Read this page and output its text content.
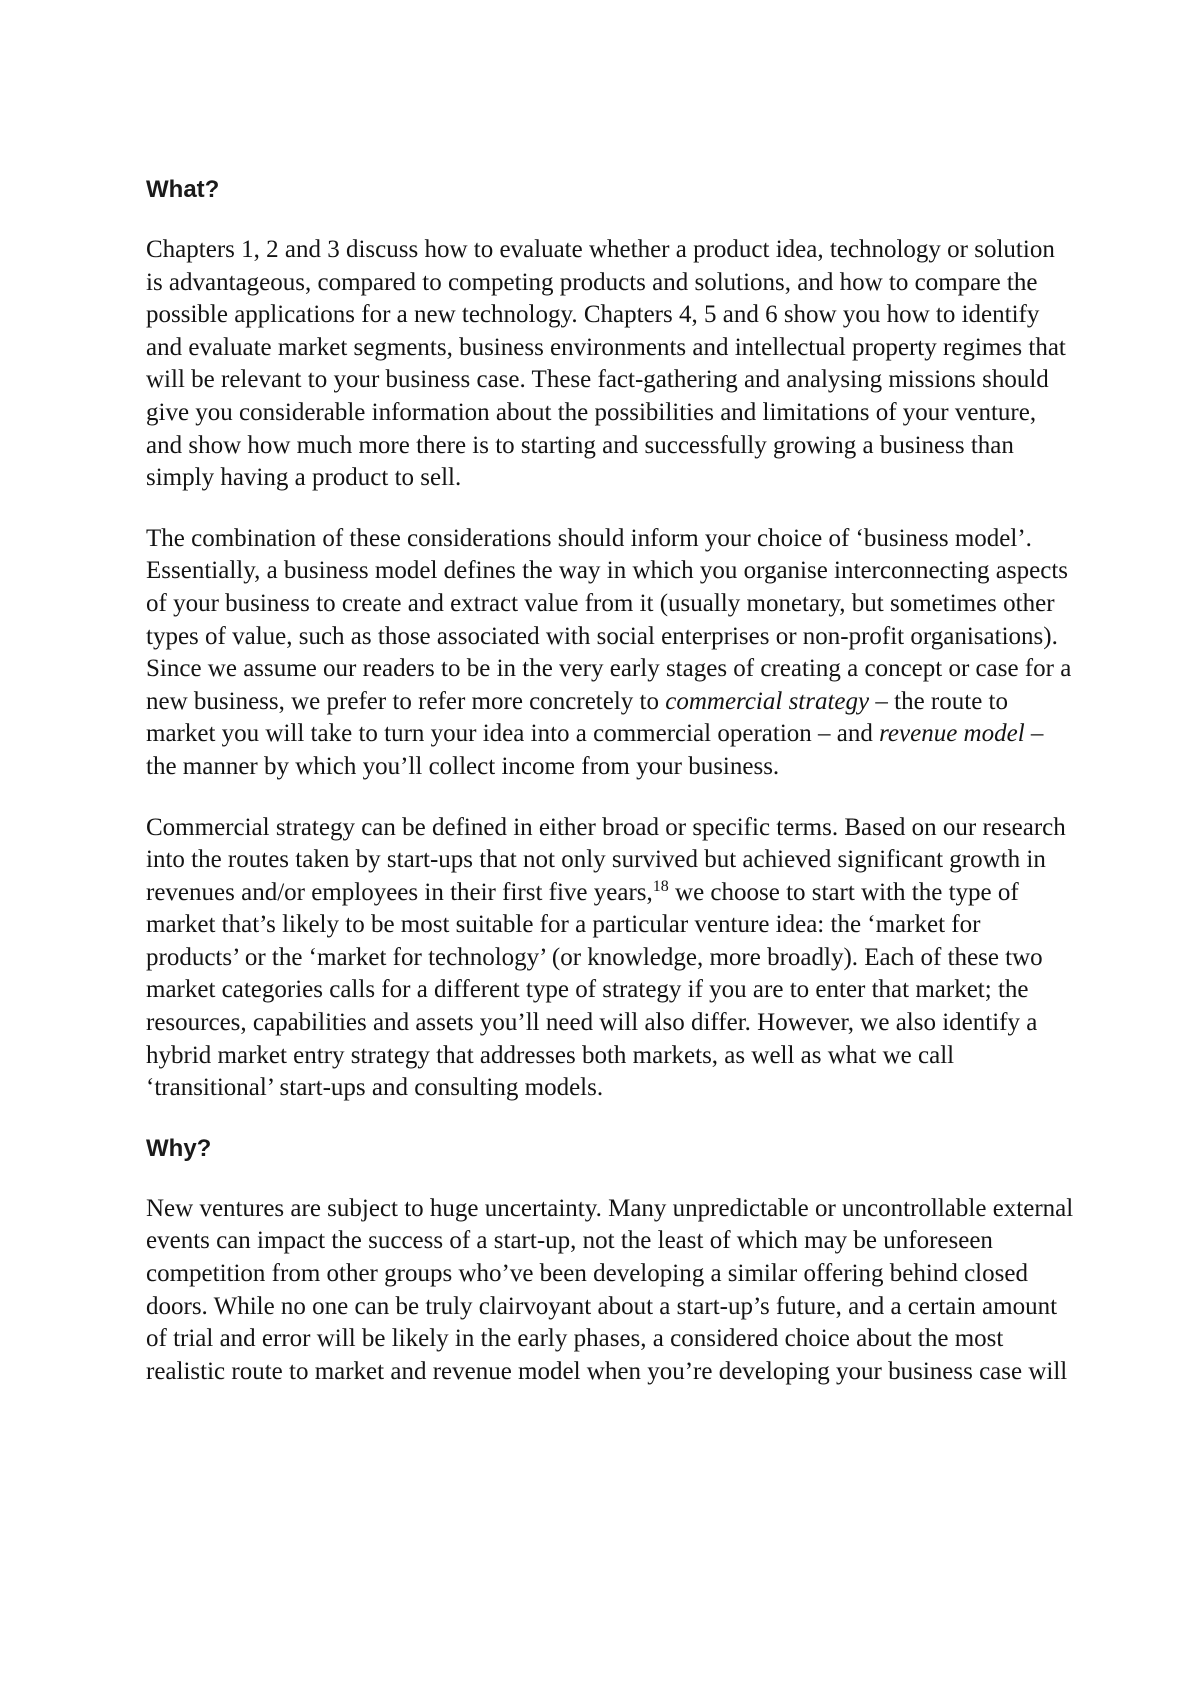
What?

Chapters 1, 2 and 3 discuss how to evaluate whether a product idea, technology or solution is advantageous, compared to competing products and solutions, and how to compare the possible applications for a new technology. Chapters 4, 5 and 6 show you how to identify and evaluate market segments, business environments and intellectual property regimes that will be relevant to your business case. These fact-gathering and analysing missions should give you considerable information about the possibilities and limitations of your venture, and show how much more there is to starting and successfully growing a business than simply having a product to sell.

The combination of these considerations should inform your choice of ‘business model’. Essentially, a business model defines the way in which you organise interconnecting aspects of your business to create and extract value from it (usually monetary, but sometimes other types of value, such as those associated with social enterprises or non-profit organisations). Since we assume our readers to be in the very early stages of creating a concept or case for a new business, we prefer to refer more concretely to commercial strategy – the route to market you will take to turn your idea into a commercial operation – and revenue model – the manner by which you’ll collect income from your business.

Commercial strategy can be defined in either broad or specific terms. Based on our research into the routes taken by start-ups that not only survived but achieved significant growth in revenues and/or employees in their first five years,$^{18}$ we choose to start with the type of market that’s likely to be most suitable for a particular venture idea: the ‘market for products’ or the ‘market for technology’ (or knowledge, more broadly). Each of these two market categories calls for a different type of strategy if you are to enter that market; the resources, capabilities and assets you’ll need will also differ. However, we also identify a hybrid market entry strategy that addresses both markets, as well as what we call ‘transitional’ start-ups and consulting models.

Why?

New ventures are subject to huge uncertainty. Many unpredictable or uncontrollable external events can impact the success of a start-up, not the least of which may be unforeseen competition from other groups who’ve been developing a similar offering behind closed doors. While no one can be truly clairvoyant about a start-up’s future, and a certain amount of trial and error will be likely in the early phases, a considered choice about the most realistic route to market and revenue model when you’re developing your business case will
